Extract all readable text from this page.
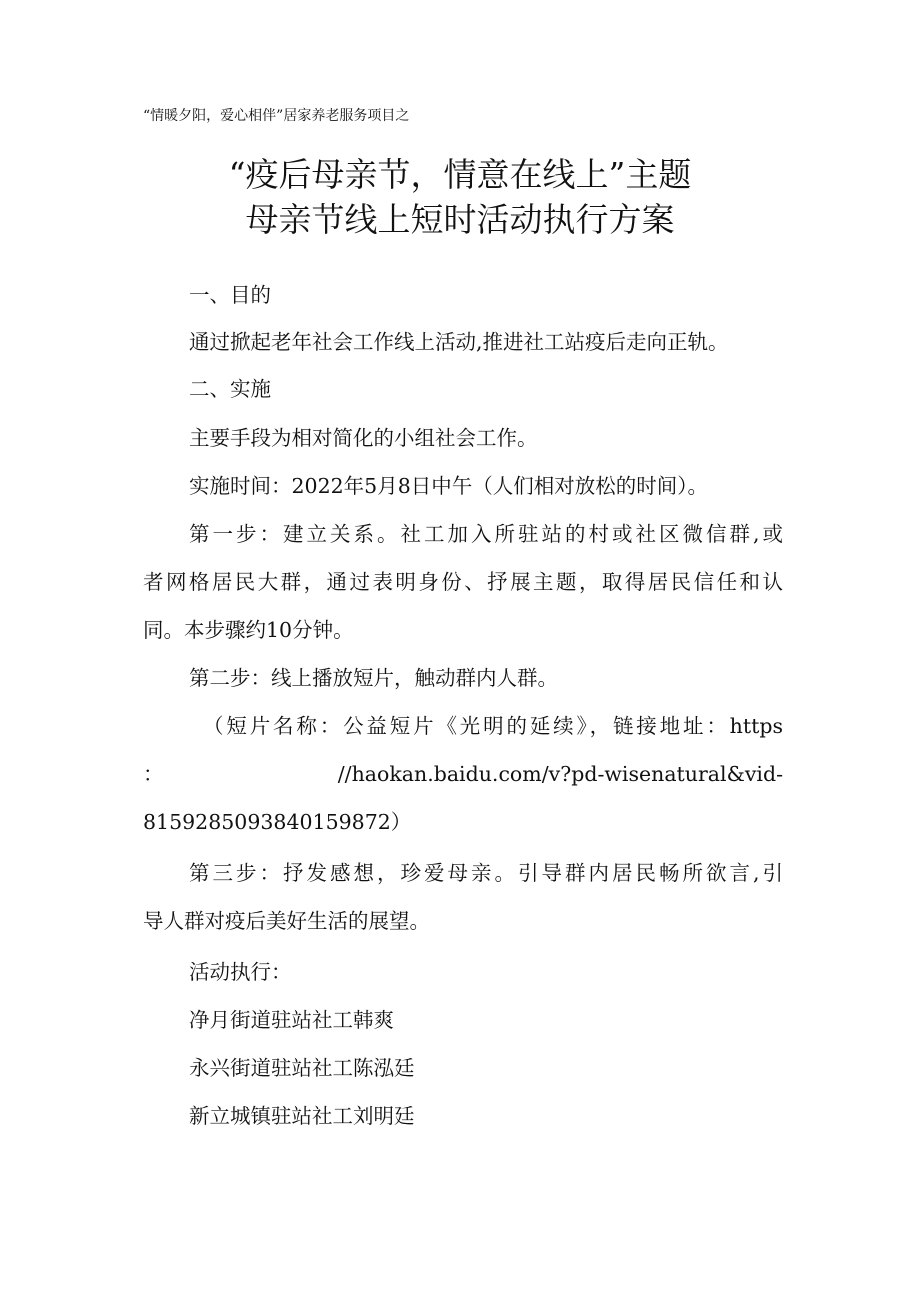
“情暖夕阳，爱心相伴”居家养老服务项目之
“疫后母亲节，情意在线上”主题
母亲节线上短时活动执行方案
一、目的
通过掀起老年社会工作线上活动,推进社工站疫后走向正轨。
二、实施
主要手段为相对简化的小组社会工作。
实施时间：2022年5月8日中午（人们相对放松的时间）。
第一步：建立关系。社工加入所驻站的村或社区微信群,或
者网格居民大群，通过表明身份、抒展主题，取得居民信任和认
同。本步骤约10分钟。
第二步：线上播放短片，触动群内人群。
（短片名称：公益短片《光明的延续》，链接地址：https
：	//haokan.baidu.com/v?pd-wisenatural&vid-
8159285093840159872）
第三步：抒发感想，珍爱母亲。引导群内居民畅所欲言,引
导人群对疫后美好生活的展望。
活动执行：
净月街道驻站社工韩爽
永兴街道驻站社工陈泓廷
新立城镇驻站社工刘明廷
